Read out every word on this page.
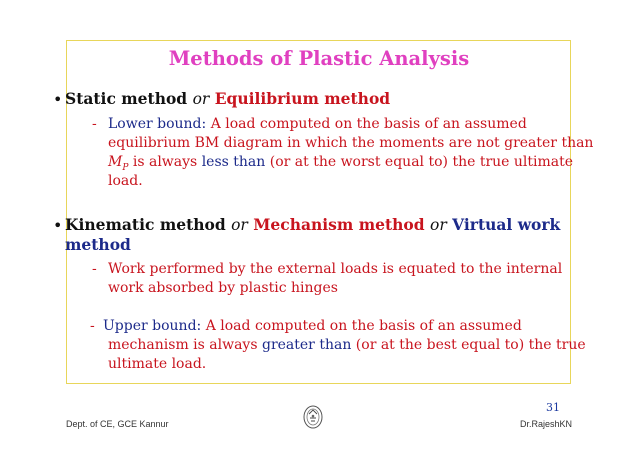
Methods of Plastic Analysis
• Static method or Equilibrium method
- Lower bound: A load computed on the basis of an assumed
equilibrium BM diagram in which the moments are not greater than
$M_P$ is always less than (or at the worst equal to) the true ultimate
load.
• Kinematic method or Mechanism method or Virtual work
method
- Work performed by the external loads is equated to the internal
work absorbed by plastic hinges
- Upper bound: A load computed on the basis of an assumed
mechanism is always greater than (or at the best equal to) the true
ultimate load.
31
Dept. of CE, GCE Kannur	Dr.RajeshKN
